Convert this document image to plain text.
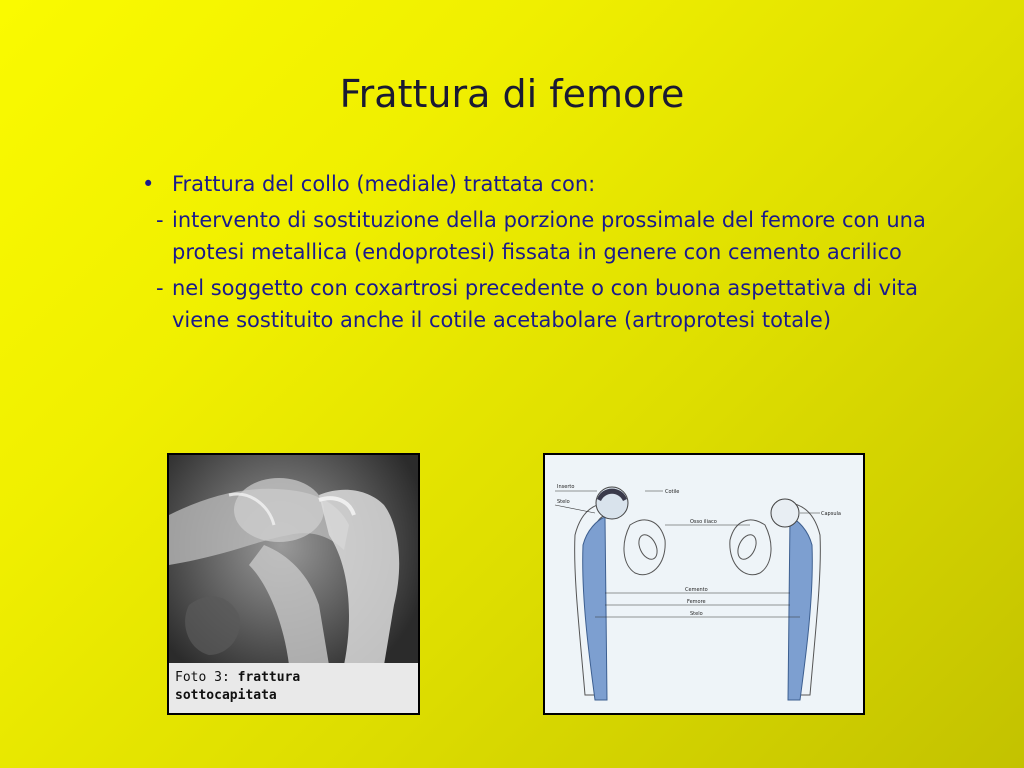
Frattura di femore
• Frattura del collo (mediale) trattata con:
- intervento di sostituzione della porzione prossimale del femore con una protesi metallica (endoprotesi) fissata in genere con cemento acrilico
- nel soggetto con coxartrosi precedente o con buona aspettativa di vita viene sostituito anche il cotile acetabolare (artroprotesi totale)
Foto 3: frattura
sottocapitata
Inserto
Stelo
Cotile
Osso iliaco
Capsula
Cemento
Femore
Stelo
